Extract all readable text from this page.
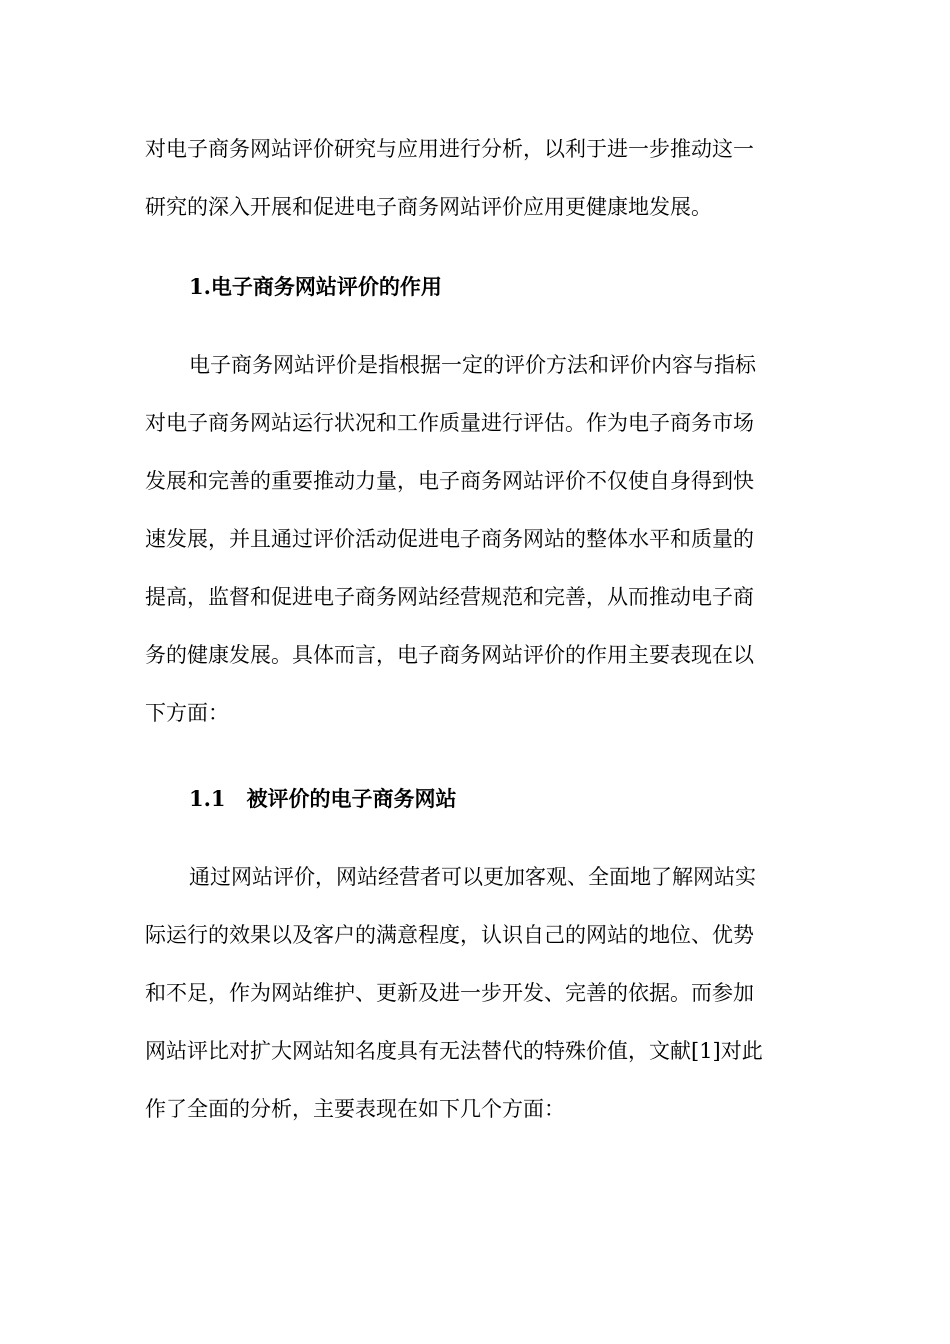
对电子商务网站评价研究与应用进行分析，以利于进一步推动这一
研究的深入开展和促进电子商务网站评价应用更健康地发展。
1.电子商务网站评价的作用
电子商务网站评价是指根据一定的评价方法和评价内容与指标
对电子商务网站运行状况和工作质量进行评估。作为电子商务市场
发展和完善的重要推动力量，电子商务网站评价不仅使自身得到快
速发展，并且通过评价活动促进电子商务网站的整体水平和质量的
提高，监督和促进电子商务网站经营规范和完善，从而推动电子商
务的健康发展。具体而言，电子商务网站评价的作用主要表现在以
下方面：
1.1　被评价的电子商务网站
通过网站评价，网站经营者可以更加客观、全面地了解网站实
际运行的效果以及客户的满意程度，认识自己的网站的地位、优势
和不足，作为网站维护、更新及进一步开发、完善的依据。而参加
网站评比对扩大网站知名度具有无法替代的特殊价值，文献[1]对此
作了全面的分析，主要表现在如下几个方面：
